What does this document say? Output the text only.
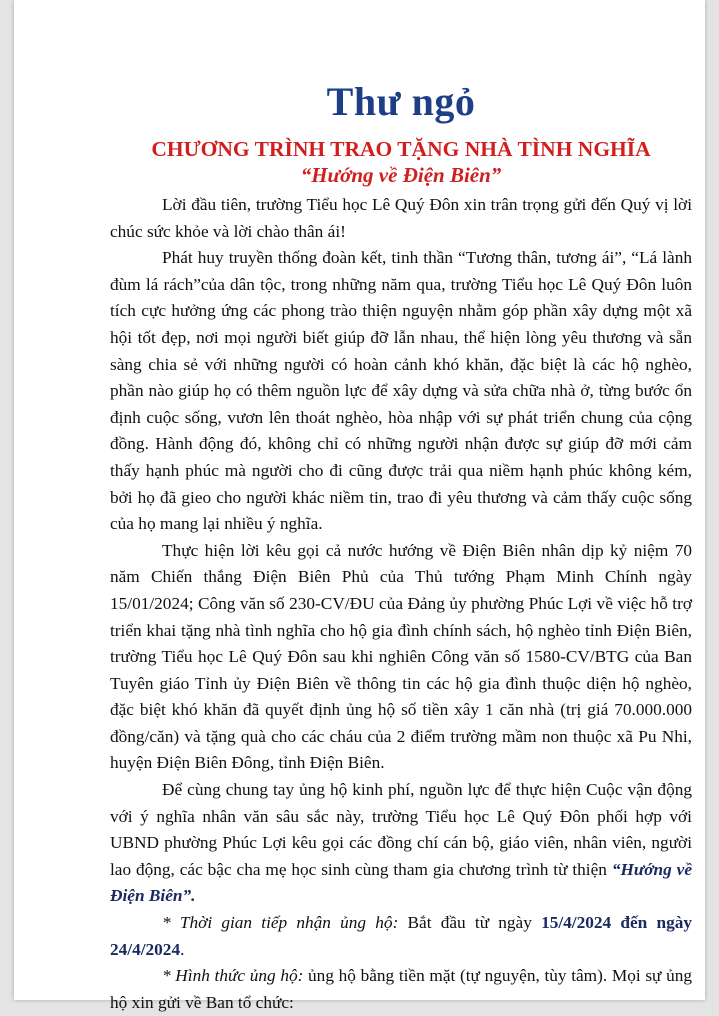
Thư ngỏ
CHƯƠNG TRÌNH TRAO TẶNG NHÀ TÌNH NGHĨA
“Hướng về Điện Biên”

Lời đầu tiên, trường Tiểu học Lê Quý Đôn xin trân trọng gửi đến Quý vị lời chúc sức khỏe và lời chào thân ái!

Phát huy truyền thống đoàn kết, tinh thần “Tương thân, tương ái”, “Lá lành đùm lá rách”của dân tộc, trong những năm qua, trường Tiểu học Lê Quý Đôn luôn tích cực hưởng ứng các phong trào thiện nguyện nhằm góp phần xây dựng một xã hội tốt đẹp, nơi mọi người biết giúp đỡ lẫn nhau, thể hiện lòng yêu thương và sẵn sàng chia sẻ với những người có hoàn cảnh khó khăn, đặc biệt là các hộ nghèo, phần nào giúp họ có thêm nguồn lực để xây dựng và sửa chữa nhà ở, từng bước ổn định cuộc sống, vươn lên thoát nghèo, hòa nhập với sự phát triển chung của cộng đồng. Hành động đó, không chỉ có những người nhận được sự giúp đỡ mới cảm thấy hạnh phúc mà người cho đi cũng được trải qua niềm hạnh phúc không kém, bởi họ đã gieo cho người khác niềm tin, trao đi yêu thương và cảm thấy cuộc sống của họ mang lại nhiều ý nghĩa.

Thực hiện lời kêu gọi cả nước hướng về Điện Biên nhân dịp kỷ niệm 70 năm Chiến thắng Điện Biên Phủ của Thủ tướng Phạm Minh Chính ngày 15/01/2024; Công văn số 230-CV/ĐU của Đảng ủy phường Phúc Lợi về việc hỗ trợ triển khai tặng nhà tình nghĩa cho hộ gia đình chính sách, hộ nghèo tỉnh Điện Biên, trường Tiểu học Lê Quý Đôn sau khi nghiên Công văn số 1580-CV/BTG của Ban Tuyên giáo Tỉnh ủy Điện Biên về thông tin các hộ gia đình thuộc diện hộ nghèo, đặc biệt khó khăn đã quyết định ủng hộ số tiền xây 1 căn nhà (trị giá 70.000.000 đồng/căn) và tặng quà cho các cháu của 2 điểm trường mầm non thuộc xã Pu Nhi, huyện Điện Biên Đông, tỉnh Điện Biên.

Để cùng chung tay ủng hộ kinh phí, nguồn lực để thực hiện Cuộc vận động với ý nghĩa nhân văn sâu sắc này, trường Tiểu học Lê Quý Đôn phối hợp với UBND phường Phúc Lợi kêu gọi các đồng chí cán bộ, giáo viên, nhân viên, người lao động, các bậc cha mẹ học sinh cùng tham gia chương trình từ thiện “Hướng về Điện Biên”.

* Thời gian tiếp nhận ủng hộ: Bắt đầu từ ngày 15/4/2024 đến ngày 24/4/2024.

* Hình thức ủng hộ: ủng hộ bằng tiền mặt (tự nguyện, tùy tâm). Mọi sự ủng hộ xin gửi về Ban tổ chức:
